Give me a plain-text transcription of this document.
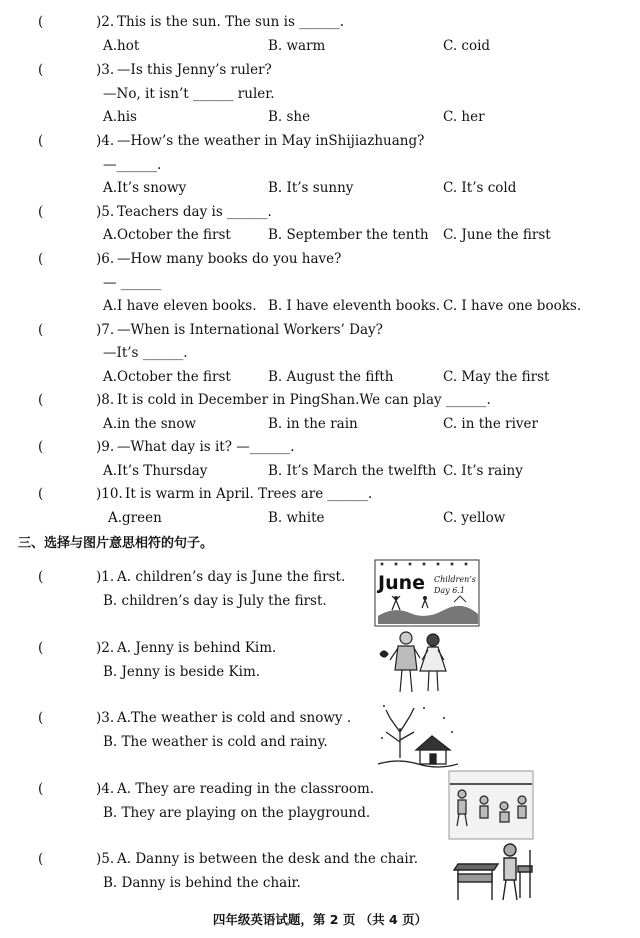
(	)2. This is the sun. The sun is ______.
A.hot	B. warm	C. coid
(	)3. —Is this Jenny’s ruler?
—No, it isn’t ______ ruler.
A.his	B. she	C. her
(	)4. —How’s the weather in May inShijiazhuang?
—______.
A.It’s snowy	B. It’s sunny	C. It’s cold
(	)5. Teachers day is ______.
A.October the first	B. September the tenth C. June the first
(	)6. —How many books do you have?
— ______
A.I have eleven books. B. I have eleventh books. C. I have one books.
(	)7. —When is International Workers’ Day?
—It’s ______.
A.October the first	B. August the fifth	C. May the first
(	)8. It is cold in December in PingShan.We can play ______.
A.in the snow	B. in the rain	C. in the river
(	)9. —What day is it? —______.
A.It’s Thursday	B. It’s March the twelfth C. It’s rainy
(	)10. It is warm in April. Trees are ______.
A.green	B. white	C. yellow
三、选择与图片意思相符的句子。
(	)1. A. children’s day is June the first.
B. children’s day is July the first.
(	)2. A. Jenny is behind Kim.
B. Jenny is beside Kim.
(	)3. A.The weather is cold and snowy .
B. The weather is cold and rainy.
(	)4. A. They are reading in the classroom.
B. They are playing on the playground.
(	)5. A. Danny is between the desk and the chair.
B. Danny is behind the chair.
June Children’s
Day 6.1
四年级英语试题，第 2 页 （共 4 页）
